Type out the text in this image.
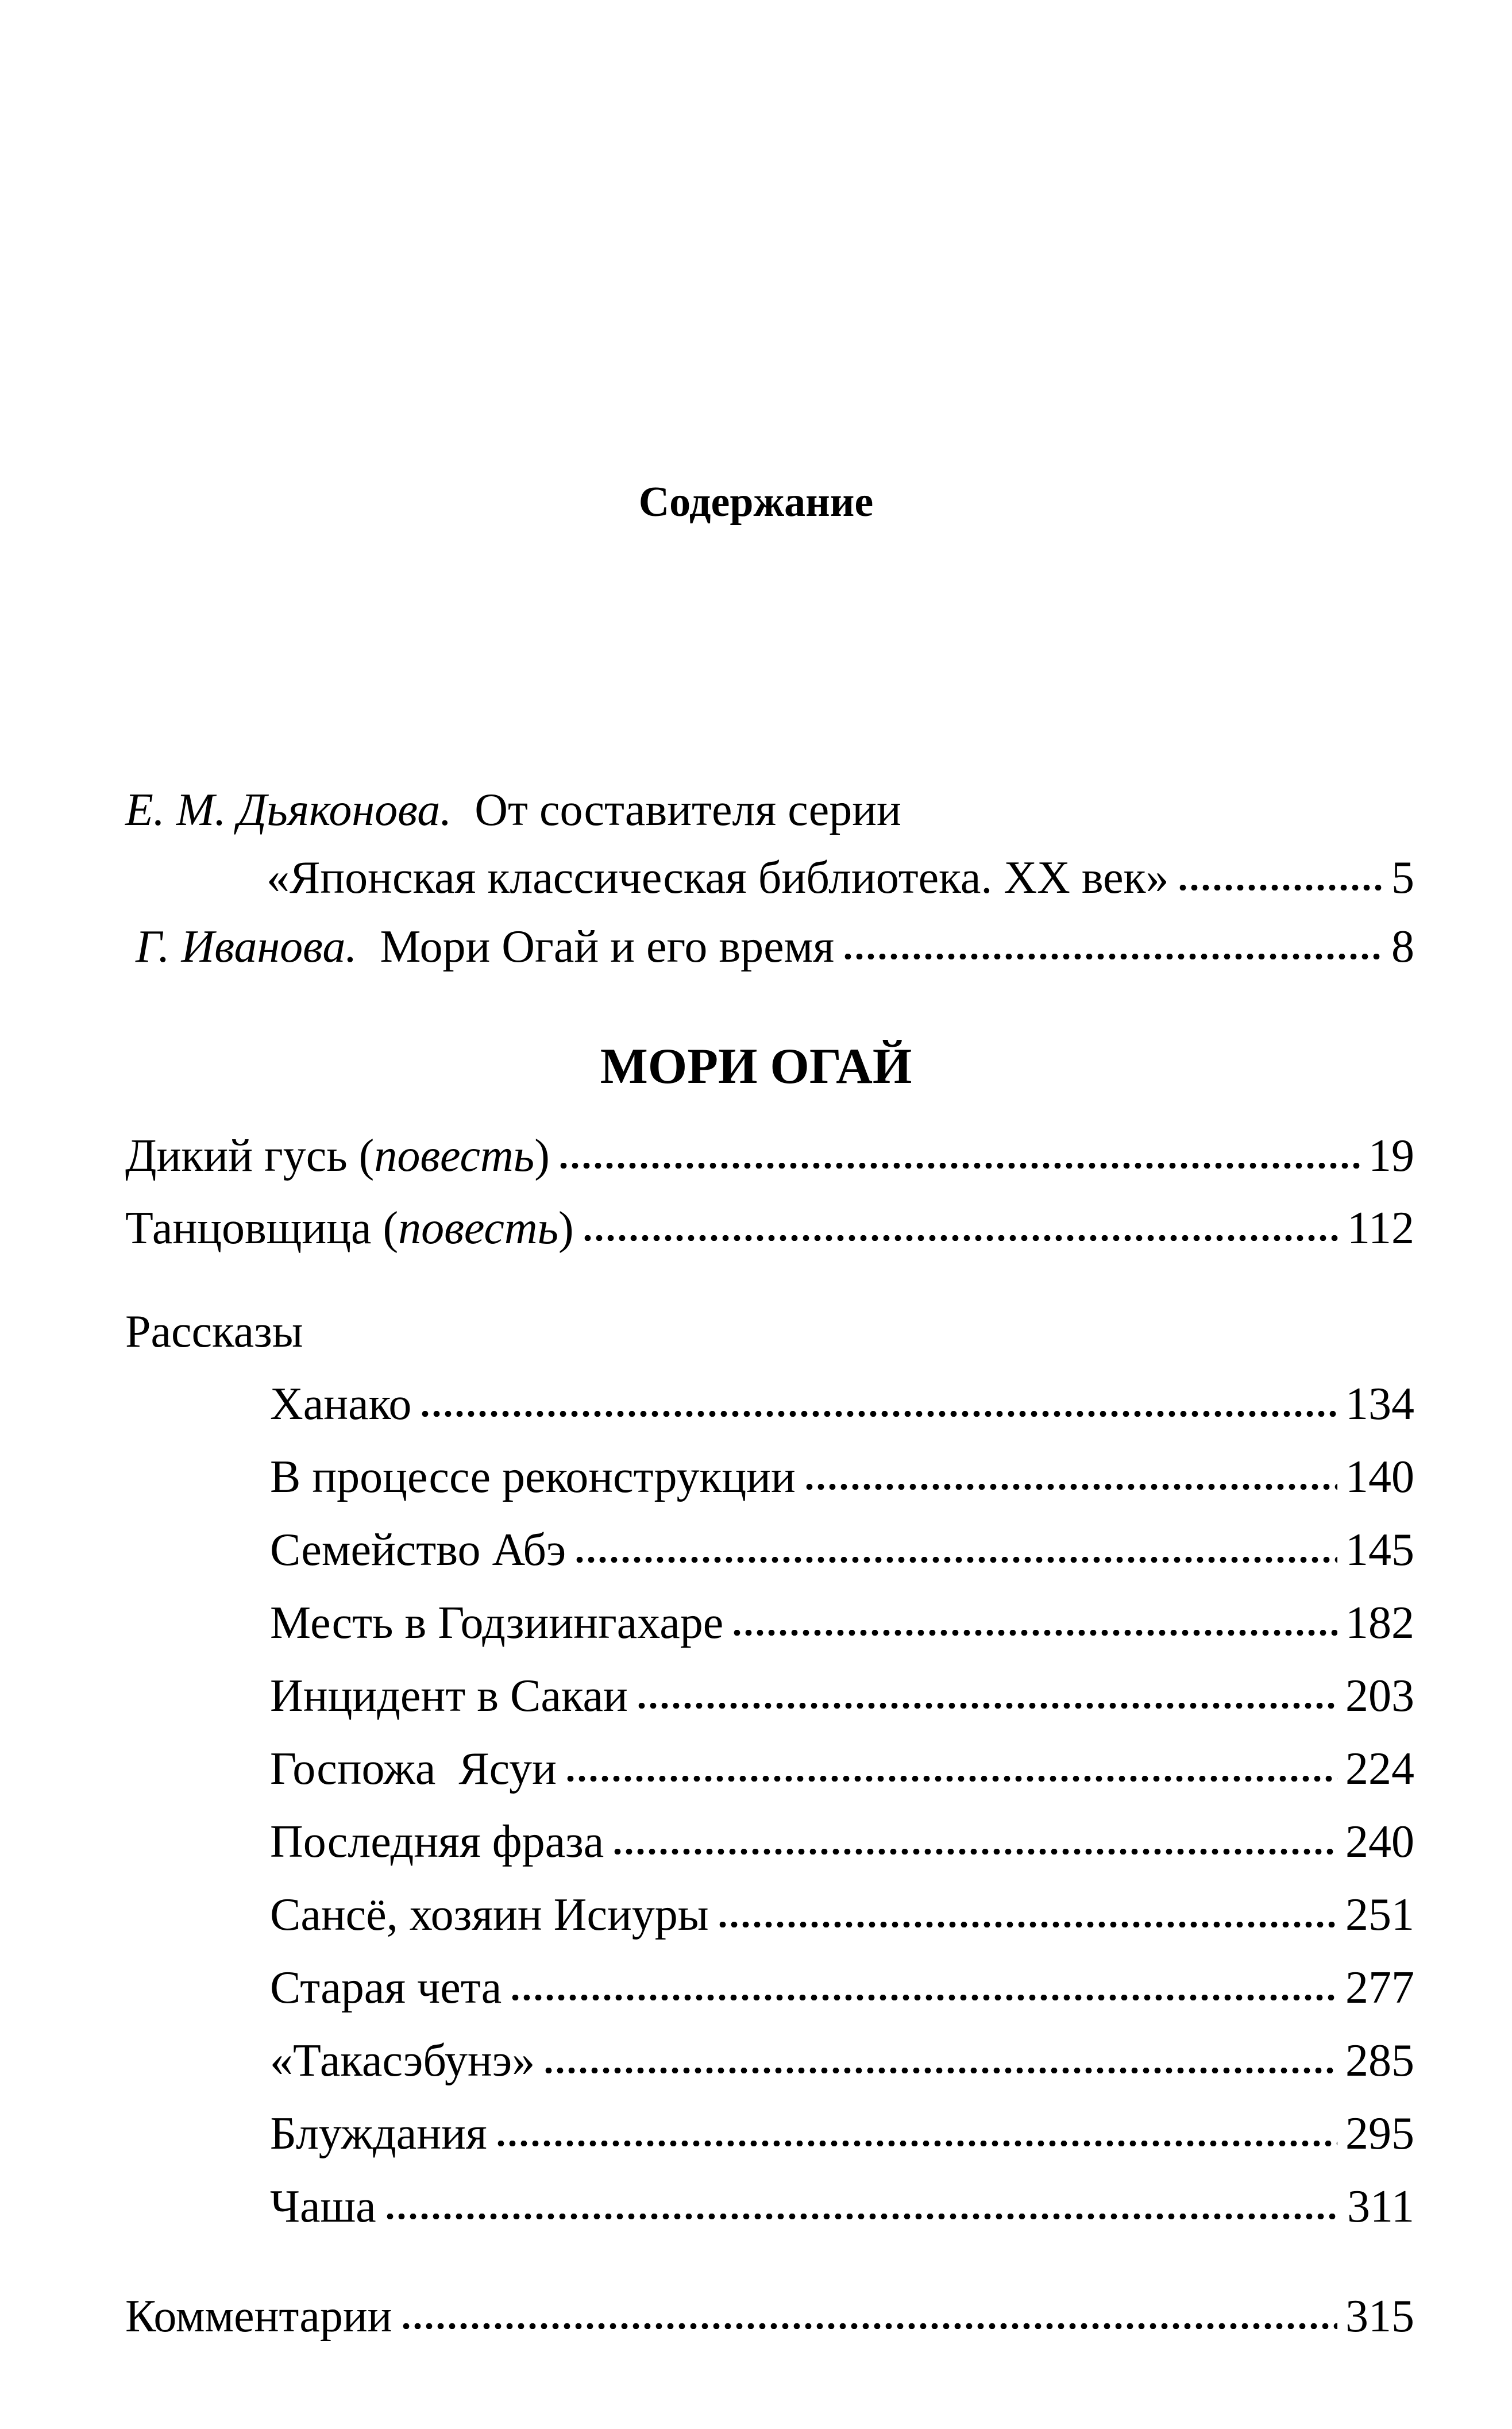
Содержание
Е. М. Дьяконова. От составителя серии
«Японская классическая библиотека. XX век»	5
Г. Иванова. Мори Огай и его время	8
МОРИ ОГАЙ
Дикий гусь (повесть)	19
Танцовщица (повесть)	112
Рассказы
Ханако	134
В процессе реконструкции	140
Семейство Абэ	145
Месть в Годзиингахаре	182
Инцидент в Сакаи	203
Госпожа  Ясуи	224
Последняя фраза	240
Сансё, хозяин Исиуры	251
Старая чета	277
«Такасэбунэ»	285
Блуждания	295
Чаша	311
Комментарии	315
